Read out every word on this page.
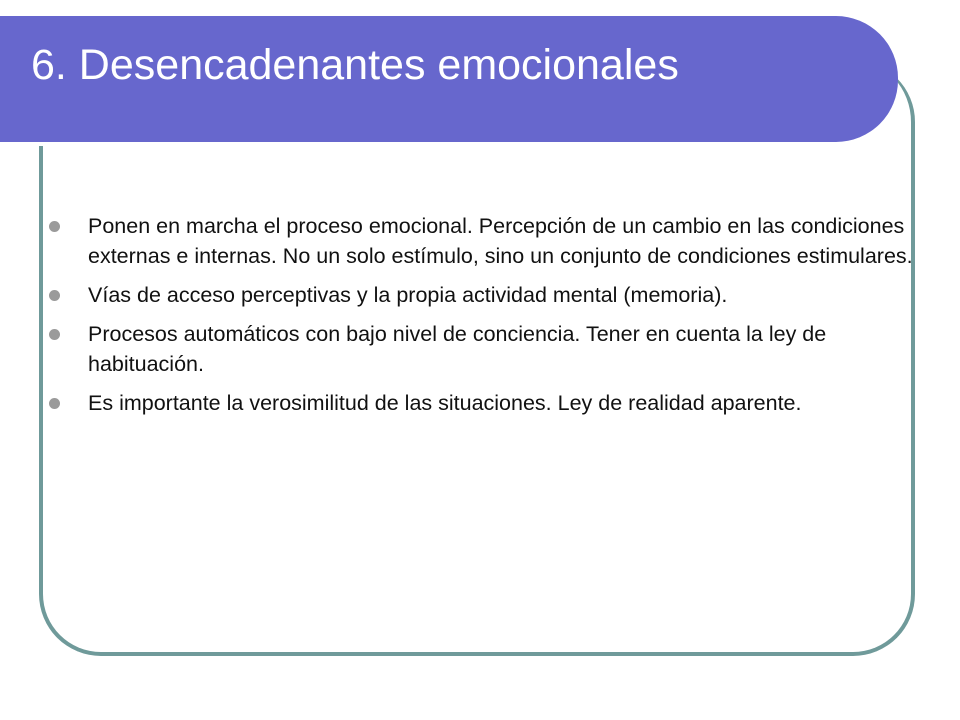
6. Desencadenantes emocionales
Ponen en marcha el proceso emocional. Percepción de un cambio en las condiciones externas e internas. No un solo estímulo, sino un conjunto de condiciones estimulares.
Vías de acceso perceptivas y la propia actividad mental (memoria).
Procesos automáticos con bajo nivel de conciencia. Tener en cuenta la ley de habituación.
Es importante la verosimilitud de las situaciones. Ley de realidad aparente.
